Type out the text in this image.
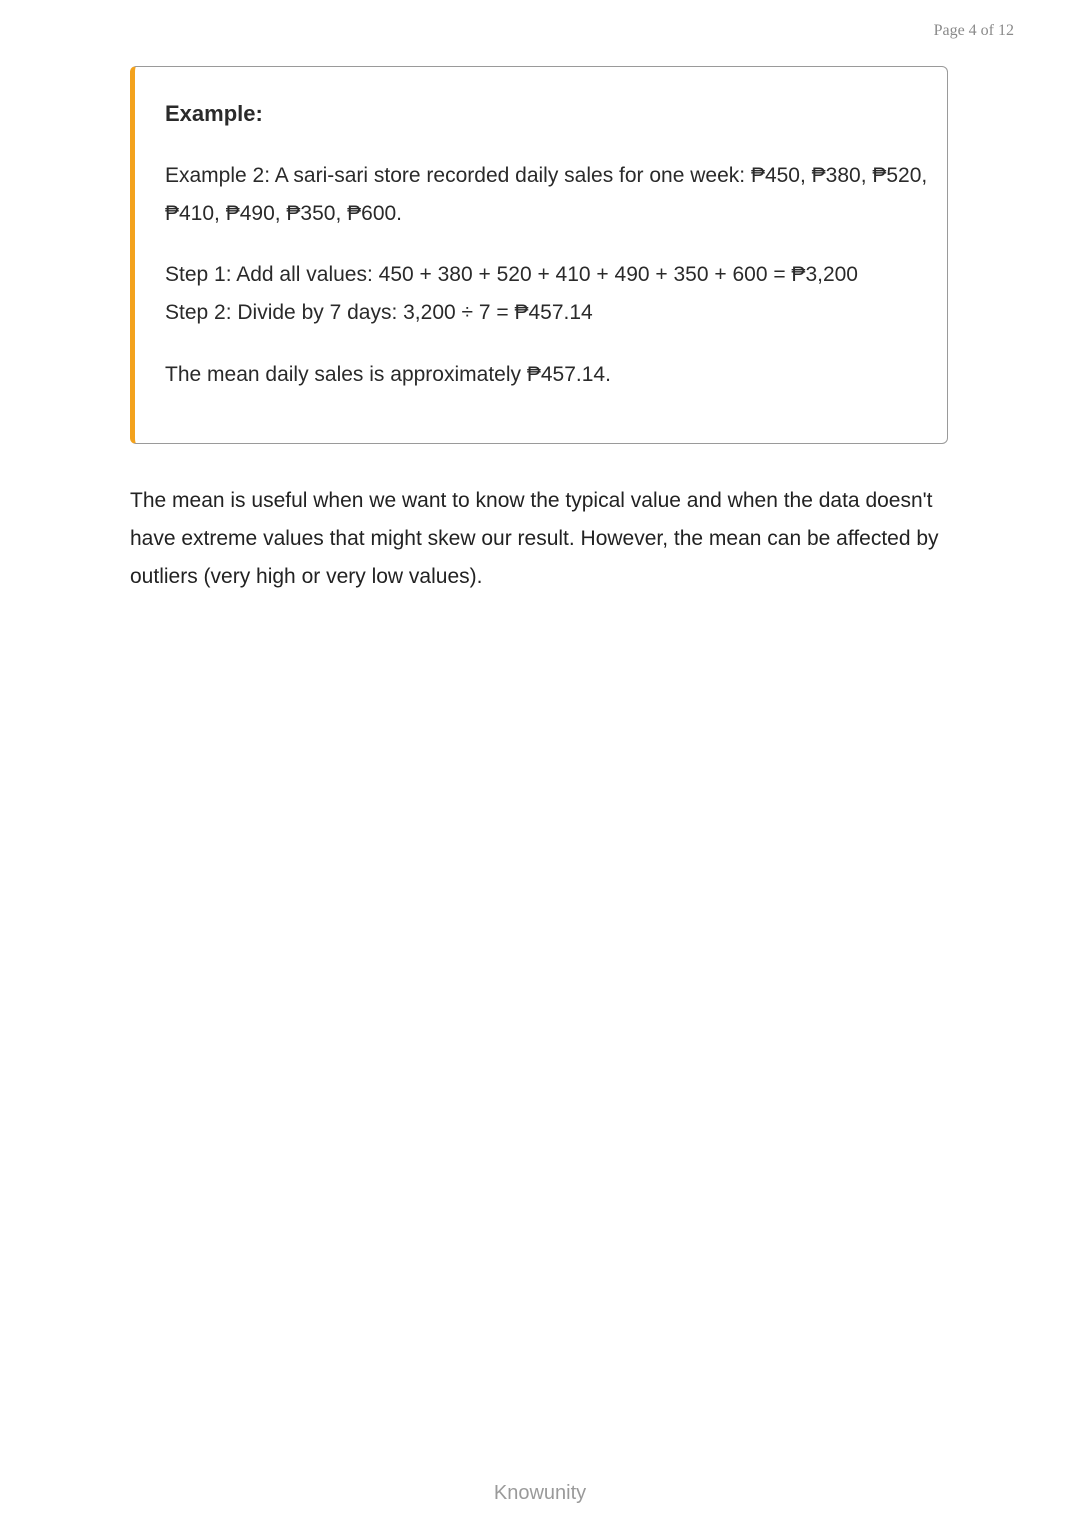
Page 4 of 12

Example:

Example 2: A sari-sari store recorded daily sales for one week: ₱450, ₱380, ₱520, ₱410, ₱490, ₱350, ₱600.

Step 1: Add all values: 450 + 380 + 520 + 410 + 490 + 350 + 600 = ₱3,200
Step 2: Divide by 7 days: 3,200 ÷ 7 = ₱457.14

The mean daily sales is approximately ₱457.14.

The mean is useful when we want to know the typical value and when the data doesn't have extreme values that might skew our result. However, the mean can be affected by outliers (very high or very low values).

Knowunity
